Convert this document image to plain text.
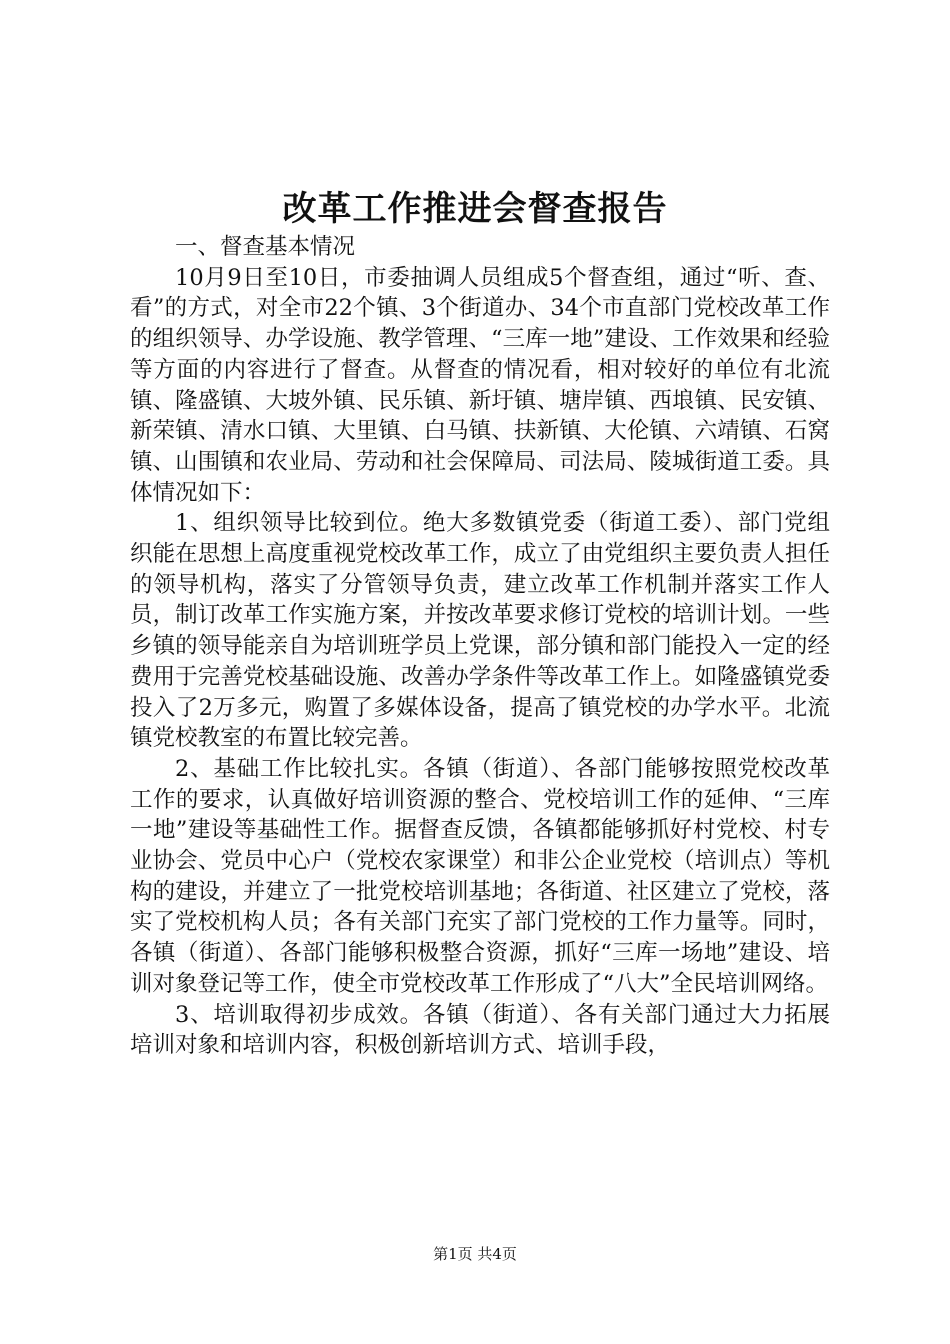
改革工作推进会督查报告

一、督查基本情况

10月9日至10日，市委抽调人员组成5个督查组，通过“听、查、看”的方式，对全市22个镇、3个街道办、34个市直部门党校改革工作的组织领导、办学设施、教学管理、“三库一地”建设、工作效果和经验等方面的内容进行了督查。从督查的情况看，相对较好的单位有北流镇、隆盛镇、大坡外镇、民乐镇、新圩镇、塘岸镇、西埌镇、民安镇、新荣镇、清水口镇、大里镇、白马镇、扶新镇、大伦镇、六靖镇、石窝镇、山围镇和农业局、劳动和社会保障局、司法局、陵城街道工委。具体情况如下：

1、组织领导比较到位。绝大多数镇党委（街道工委）、部门党组织能在思想上高度重视党校改革工作，成立了由党组织主要负责人担任的领导机构，落实了分管领导负责，建立改革工作机制并落实工作人员，制订改革工作实施方案，并按改革要求修订党校的培训计划。一些乡镇的领导能亲自为培训班学员上党课，部分镇和部门能投入一定的经费用于完善党校基础设施、改善办学条件等改革工作上。如隆盛镇党委投入了2万多元，购置了多媒体设备，提高了镇党校的办学水平。北流镇党校教室的布置比较完善。

2、基础工作比较扎实。各镇（街道）、各部门能够按照党校改革工作的要求，认真做好培训资源的整合、党校培训工作的延伸、“三库一地”建设等基础性工作。据督查反馈，各镇都能够抓好村党校、村专业协会、党员中心户（党校农家课堂）和非公企业党校（培训点）等机构的建设，并建立了一批党校培训基地；各街道、社区建立了党校，落实了党校机构人员；各有关部门充实了部门党校的工作力量等。同时，各镇（街道）、各部门能够积极整合资源，抓好“三库一场地”建设、培训对象登记等工作，使全市党校改革工作形成了“八大”全民培训网络。

3、培训取得初步成效。各镇（街道）、各有关部门通过大力拓展培训对象和培训内容，积极创新培训方式、培训手段，

第1页 共4页
